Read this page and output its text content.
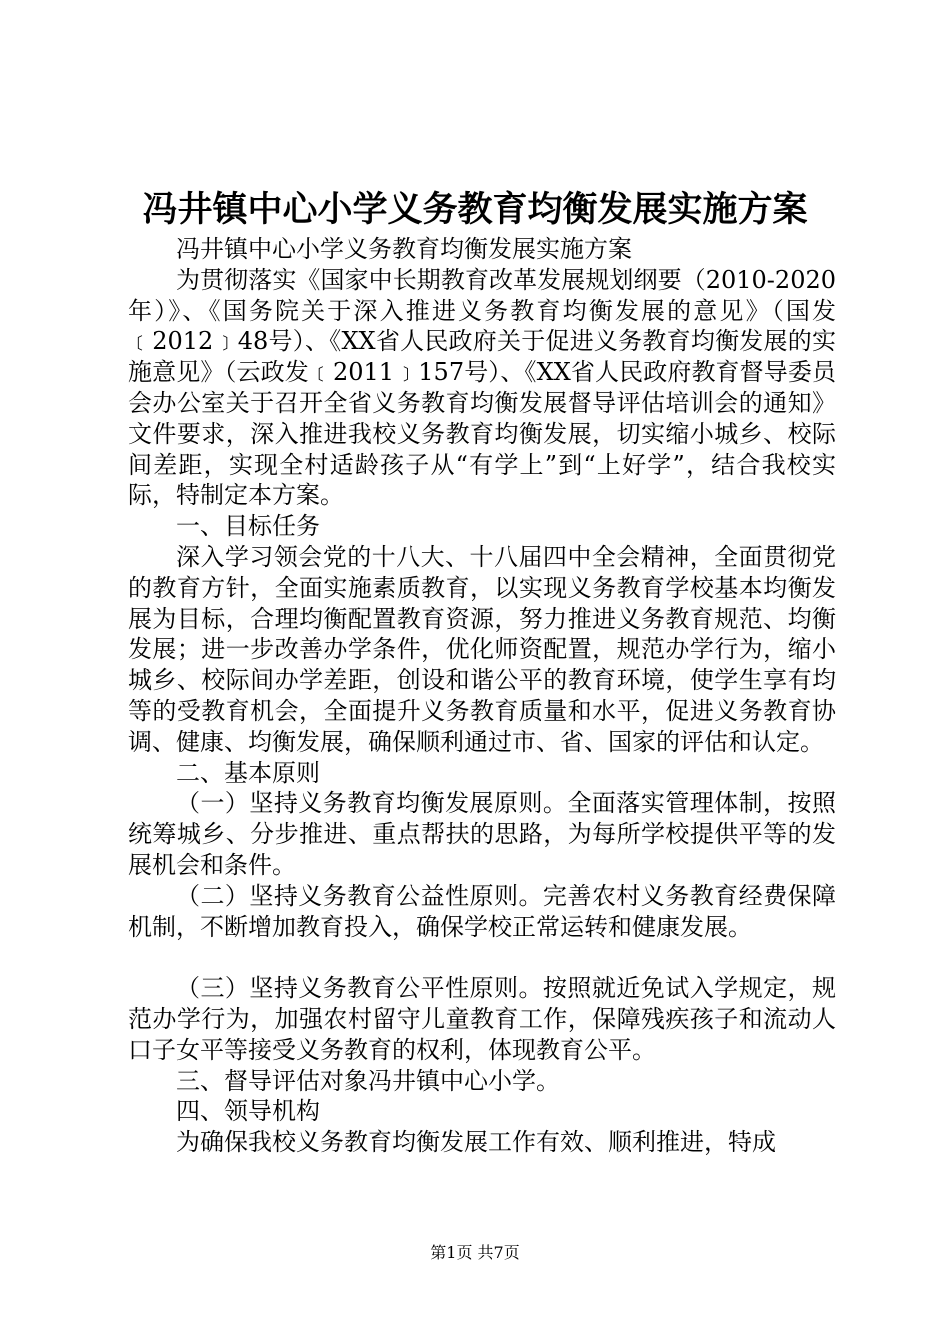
冯井镇中心小学义务教育均衡发展实施方案

冯井镇中心小学义务教育均衡发展实施方案

为贯彻落实《国家中长期教育改革发展规划纲要（2010-2020年）》、《国务院关于深入推进义务教育均衡发展的意见》（国发﹝2012﹞48号）、《XX省人民政府关于促进义务教育均衡发展的实施意见》（云政发﹝2011﹞157号）、《XX省人民政府教育督导委员会办公室关于召开全省义务教育均衡发展督导评估培训会的通知》文件要求，深入推进我校义务教育均衡发展，切实缩小城乡、校际间差距，实现全村适龄孩子从“有学上”到“上好学”，结合我校实际，特制定本方案。

一、目标任务

深入学习领会党的十八大、十八届四中全会精神，全面贯彻党的教育方针，全面实施素质教育，以实现义务教育学校基本均衡发展为目标，合理均衡配置教育资源，努力推进义务教育规范、均衡发展；进一步改善办学条件，优化师资配置，规范办学行为，缩小城乡、校际间办学差距，创设和谐公平的教育环境，使学生享有均等的受教育机会，全面提升义务教育质量和水平，促进义务教育协调、健康、均衡发展，确保顺利通过市、省、国家的评估和认定。

二、基本原则

（一）坚持义务教育均衡发展原则。全面落实管理体制，按照统筹城乡、分步推进、重点帮扶的思路，为每所学校提供平等的发展机会和条件。

（二）坚持义务教育公益性原则。完善农村义务教育经费保障机制，不断增加教育投入，确保学校正常运转和健康发展。

（三）坚持义务教育公平性原则。按照就近免试入学规定，规范办学行为，加强农村留守儿童教育工作，保障残疾孩子和流动人口子女平等接受义务教育的权利，体现教育公平。

三、督导评估对象冯井镇中心小学。

四、领导机构

为确保我校义务教育均衡发展工作有效、顺利推进，特成

第1页 共7页
